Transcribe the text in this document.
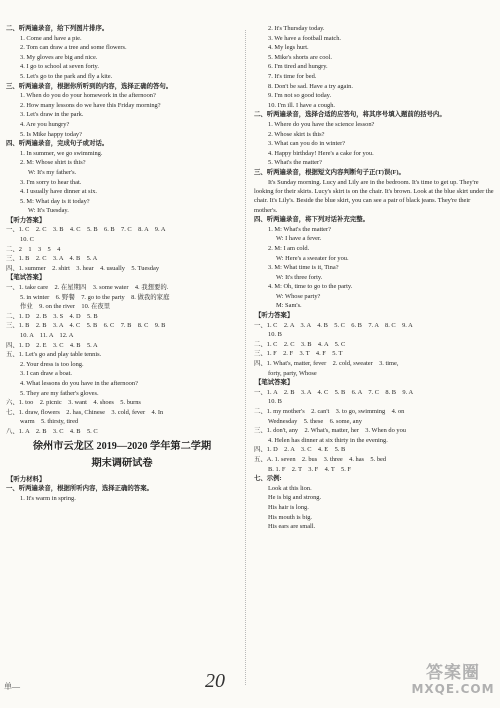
二、听两遍录音，给下列图片排序。
1. Come and have a pie.
2. Tom can draw a tree and some flowers.
3. My gloves are big and nice.
4. I go to school at seven forty.
5. Let's go to the park and fly a kite.
三、听两遍录音，根据你所听到的内容，选择正确的答句。
1. When do you do your homework in the afternoon?
2. How many lessons do we have this Friday morning?
3. Let's draw in the park.
4. Are you hungry?
5. Is Mike happy today?
四、听两遍录音，完成句子或对话。
1. In summer, we go swimming.
2. M: Whose shirt is this?
W: It's my father's.
3. I'm sorry to hear that.
4. I usually have dinner at six.
5. M: What day is it today?
W: It's Tuesday.
【听力答案】
一、1. C　2. C　3. B　4. C　5. B　6. B　7. C　8. A　9. A
10. C
二、2　1　3　5　4
三、1. B　2. C　3. A　4. B　5. A
四、1. summer　2. shirt　3. hear　4. usually　5. Tuesday
【笔试答案】
一、1. take care　2. 在星期四　3. some water　4. 我想要的.
5. in winter　6. 野餐　7. go to the party　8. 做我的家庭
作业　9. on the river　10. 在夜里
二、1. D　2. B　3. S　4. D　5. B
三、1. B　2. B　3. A　4. C　5. B　6. C　7. B　8. C　9. B
10. A　11. A　12. A
四、1. D　2. E　3. C　4. B　5. A
五、1. Let's go and play table tennis.
2. Your dress is too long.
3. I can draw a boat.
4. What lessons do you have in the afternoon?
5. They are my father's gloves.
六、1. too　2. picnic　3. want　4. shoes　5. burns
七、1. draw, flowers　2. has, Chinese　3. cold, fever　4. In
warm　5. thirsty, tired
八、1. A　2. B　3. C　4. B　5. C
徐州市云龙区 2019—2020 学年第二学期
期末调研试卷
【听力材料】
一、听两遍录音，根据所听内容，选择正确的答案。
1. It's warm in spring.
2. It's Thursday today.
3. We have a football match.
4. My legs hurt.
5. Mike's shorts are cool.
6. I'm tired and hungry.
7. It's time for bed.
8. Don't be sad. Have a try again.
9. I'm not so good today.
10. I'm ill. I have a cough.
二、听两遍录音，选择合适的应答句，将其序号填入题前的括号内。
1. Where do you have the science lesson?
2. Whose skirt is this?
3. What can you do in winter?
4. Happy birthday! Here's a cake for you.
5. What's the matter?
三、听两遍录音，根据短文内容判断句子正(T)误(F)。
It's Sunday morning. Lucy and Lily are in the bedroom. It's time to get up. They're looking for their skirts. Lucy's skirt is on the chair. It's brown. Look at the blue skirt under the chair. It's Lily's. Beside the blue skirt, you can see a pair of black jeans. They're their mother's.
四、听两遍录音，将下列对话补充完整。
1. M: What's the matter?
W: I have a fever.
2. M: I am cold.
W: Here's a sweater for you.
3. M: What time is it, Tina?
W: It's three forty.
4. M: Oh, time to go to the party.
W: Whose party?
M: Sam's.
【听力答案】
一、1. C　2. A　3. A　4. B　5. C　6. B　7. A　8. C　9. A
10. B
二、1. C　2. C　3. B　4. A　5. C
三、1. F　2. F　3. T　4. F　5. T
四、1. What's, matter, fever　2. cold, sweater　3. time,
forty, party, Whose
【笔试答案】
一、1. A　2. B　3. A　4. C　5. B　6. A　7. C　8. B　9. A
10. B
二、1. my mother's　2. can't　3. to go, swimming　4. on
Wednesday　5. these　6. some, any
三、1. don't, any　2. What's, matter, her　3. When do you
4. Helen has dinner at six thirty in the evening.
四、1. D　2. A　3. C　4. E　5. B
五、A. 1. seven　2. bus　3. three　4. has　5. bed
B. 1. F　2. T　3. F　4. T　5. F
七、示例:
Look at this lion.
He is big and strong.
His hair is long.
His mouth is big.
His ears are small.
20
单—
答案圈
MXQE.COM
